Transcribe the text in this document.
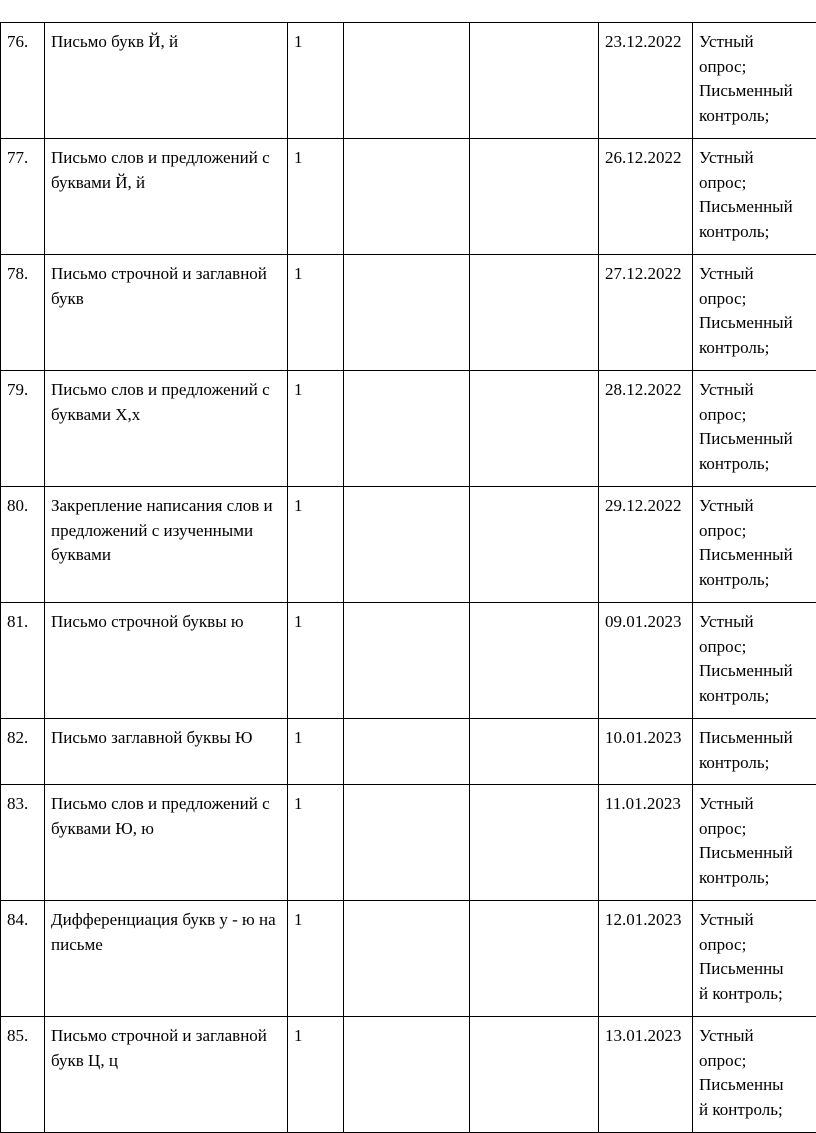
76.	Письмо букв Й, й	1			23.12.2022	Устный
опрос;
Письменный
контроль;

77.	Письмо слов и предложений с буквами Й, й	1			26.12.2022	Устный
опрос;
Письменный
контроль;

78.	Письмо строчной и заглавной букв	1			27.12.2022	Устный
опрос;
Письменный
контроль;

79.	Письмо слов и предложений с буквами Х,х	1			28.12.2022	Устный
опрос;
Письменный
контроль;

80.	Закрепление написания слов и предложений с изученными буквами	1			29.12.2022	Устный
опрос;
Письменный
контроль;

81.	Письмо строчной буквы ю	1			09.01.2023	Устный
опрос;
Письменный
контроль;

82.	Письмо заглавной буквы Ю	1			10.01.2023	Письменный
контроль;

83.	Письмо слов и предложений с буквами Ю, ю	1			11.01.2023	Устный
опрос;
Письменный
контроль;

84.	Дифференциация букв у - ю на письме	1			12.01.2023	Устный
опрос;
Письменны
й контроль;

85.	Письмо строчной и заглавной букв Ц, ц	1			13.01.2023	Устный
опрос;
Письменны
й контроль;
